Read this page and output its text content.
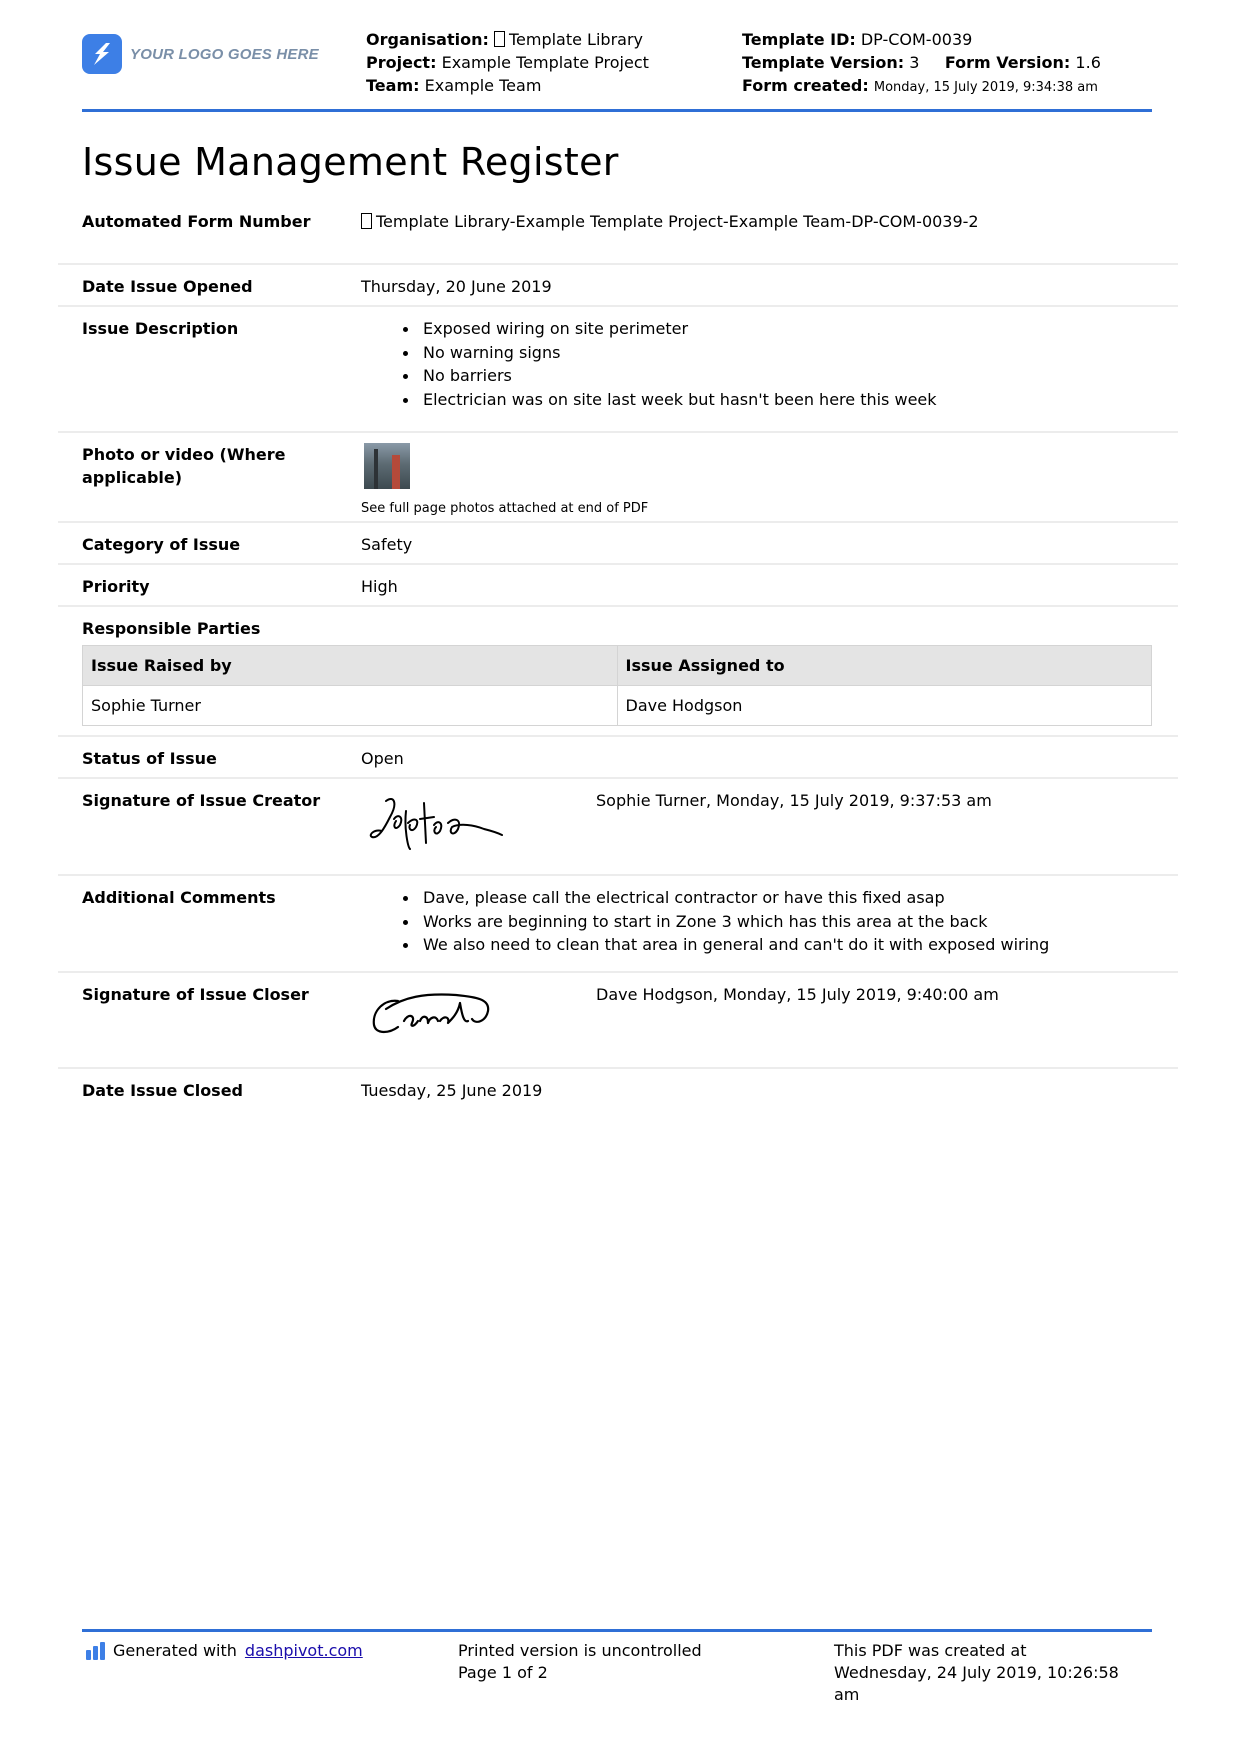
YOUR LOGO GOES HERE
Organisation: Template Library
Project: Example Template Project
Team: Example Team
Template ID: DP-COM-0039
Template Version: 3 Form Version: 1.6
Form created: Monday, 15 July 2019, 9:34:38 am
Issue Management Register
Automated Form Number	Template Library-Example Template Project-Example Team-DP-COM-0039-2
Date Issue Opened	Thursday, 20 June 2019
Issue Description	Exposed wiring on site perimeter
No warning signs
No barriers
Electrician was on site last week but hasn't been here this week
Photo or video (Where applicable)
See full page photos attached at end of PDF
Category of Issue	Safety
Priority	High
Responsible Parties
Issue Raised by	Issue Assigned to
Sophie Turner	Dave Hodgson
Status of Issue	Open
Signature of Issue Creator	Sophie Turner, Monday, 15 July 2019, 9:37:53 am
Additional Comments	Dave, please call the electrical contractor or have this fixed asap
Works are beginning to start in Zone 3 which has this area at the back
We also need to clean that area in general and can't do it with exposed wiring
Signature of Issue Closer	Dave Hodgson, Monday, 15 July 2019, 9:40:00 am
Date Issue Closed	Tuesday, 25 June 2019
Generated with dashpivot.com	Printed version is uncontrolled
Page 1 of 2
This PDF was created at
Wednesday, 24 July 2019, 10:26:58 am
